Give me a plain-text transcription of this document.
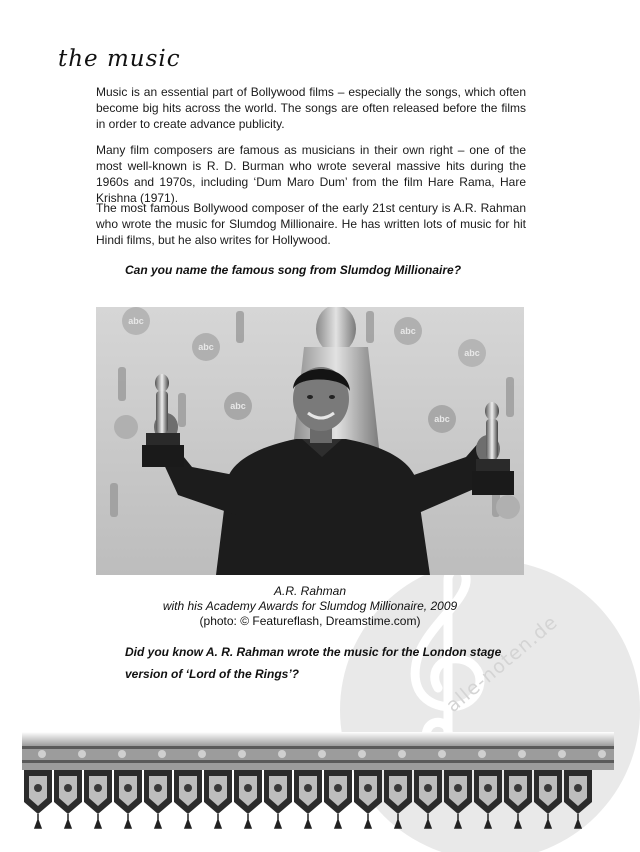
alle-noten.de
the music
Music is an essential part of Bollywood films – especially the songs, which often become big hits across the world. The songs are often released before the films in order to create advance publicity.
Many film composers are famous as musicians in their own right – one of the most well-known is R. D. Burman who wrote several massive hits during the 1960s and 1970s, including ‘Dum Maro Dum’ from the film Hare Rama, Hare Krishna (1971).
The most famous Bollywood composer of the early 21st century is A.R. Rahman who wrote the music for Slumdog Millionaire. He has written lots of music for hit Hindi films, but he also writes for Hollywood.
Can you name the famous song from Slumdog Millionaire?
abc
abc
abc
abc
abc
abc
A.R. Rahman
with his Academy Awards for Slumdog Millionaire, 2009
(photo: © Featureflash, Dreamstime.com)
Did you know A. R. Rahman wrote the music for the London stage version of ‘Lord of the Rings’?
